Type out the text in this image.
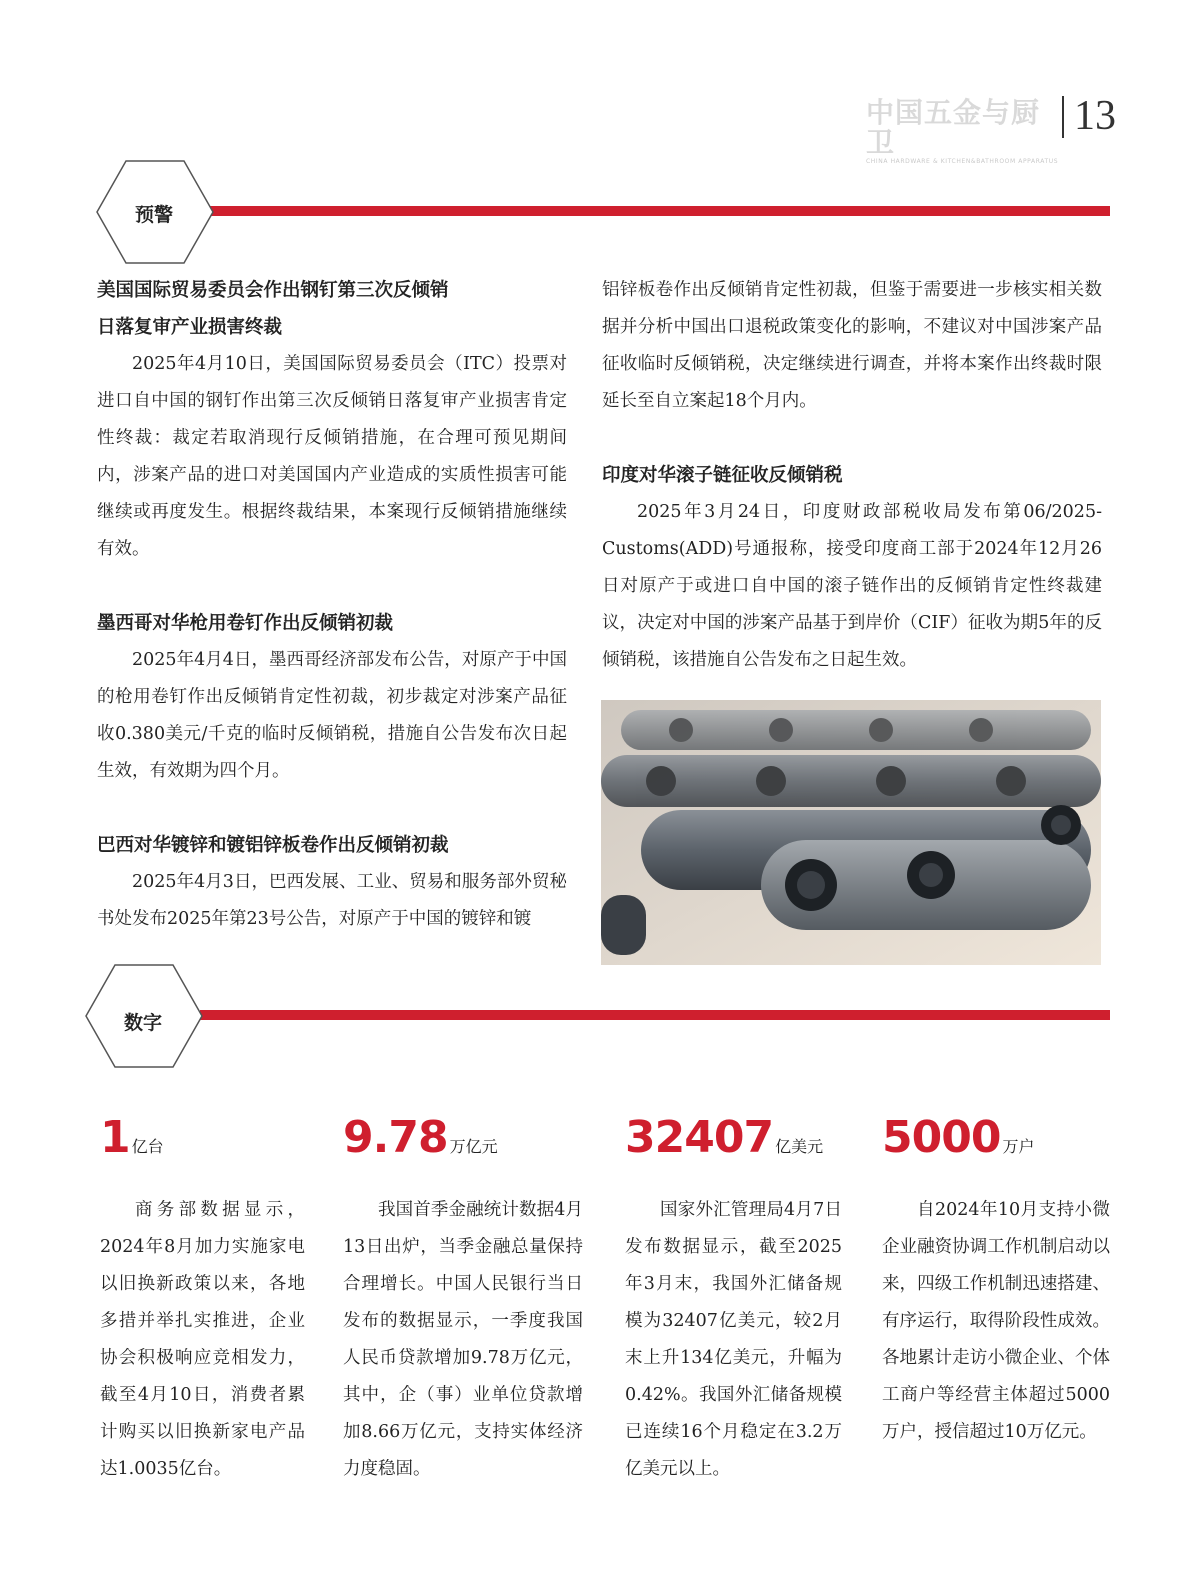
中国五金与厨卫
CHINA HARDWARE & KITCHEN&BATHROOM APPARATUS
13
预警
美国国际贸易委员会作出钢钉第三次反倾销
日落复审产业损害终裁

2025年4月10日，美国国际贸易委员会（ITC）投票对进口自中国的钢钉作出第三次反倾销日落复审产业损害肯定性终裁：裁定若取消现行反倾销措施，在合理可预见期间内，涉案产品的进口对美国国内产业造成的实质性损害可能继续或再度发生。根据终裁结果，本案现行反倾销措施继续有效。

墨西哥对华枪用卷钉作出反倾销初裁

2025年4月4日，墨西哥经济部发布公告，对原产于中国的枪用卷钉作出反倾销肯定性初裁，初步裁定对涉案产品征收0.380美元/千克的临时反倾销税，措施自公告发布次日起生效，有效期为四个月。

巴西对华镀锌和镀铝锌板卷作出反倾销初裁

2025年4月3日，巴西发展、工业、贸易和服务部外贸秘书处发布2025年第23号公告，对原产于中国的镀锌和镀

铝锌板卷作出反倾销肯定性初裁，但鉴于需要进一步核实相关数据并分析中国出口退税政策变化的影响，不建议对中国涉案产品征收临时反倾销税，决定继续进行调查，并将本案作出终裁时限延长至自立案起18个月内。

印度对华滚子链征收反倾销税

2025年3月24日，印度财政部税收局发布第06/2025-Customs(ADD)号通报称，接受印度商工部于2024年12月26日对原产于或进口自中国的滚子链作出的反倾销肯定性终裁建议，决定对中国的涉案产品基于到岸价（CIF）征收为期5年的反倾销税，该措施自公告发布之日起生效。

数字
1 亿台

商务部数据显示，2024年8月加力实施家电以旧换新政策以来，各地多措并举扎实推进，企业协会积极响应竞相发力，截至4月10日，消费者累计购买以旧换新家电产品达1.0035亿台。

9.78 万亿元

我国首季金融统计数据4月13日出炉，当季金融总量保持合理增长。中国人民银行当日发布的数据显示，一季度我国人民币贷款增加9.78万亿元，其中，企（事）业单位贷款增加8.66万亿元，支持实体经济力度稳固。

32407 亿美元

国家外汇管理局4月7日发布数据显示，截至2025年3月末，我国外汇储备规模为32407亿美元，较2月末上升134亿美元，升幅为0.42%。我国外汇储备规模已连续16个月稳定在3.2万亿美元以上。

5000 万户

自2024年10月支持小微企业融资协调工作机制启动以来，四级工作机制迅速搭建、有序运行，取得阶段性成效。各地累计走访小微企业、个体工商户等经营主体超过5000万户，授信超过10万亿元。
